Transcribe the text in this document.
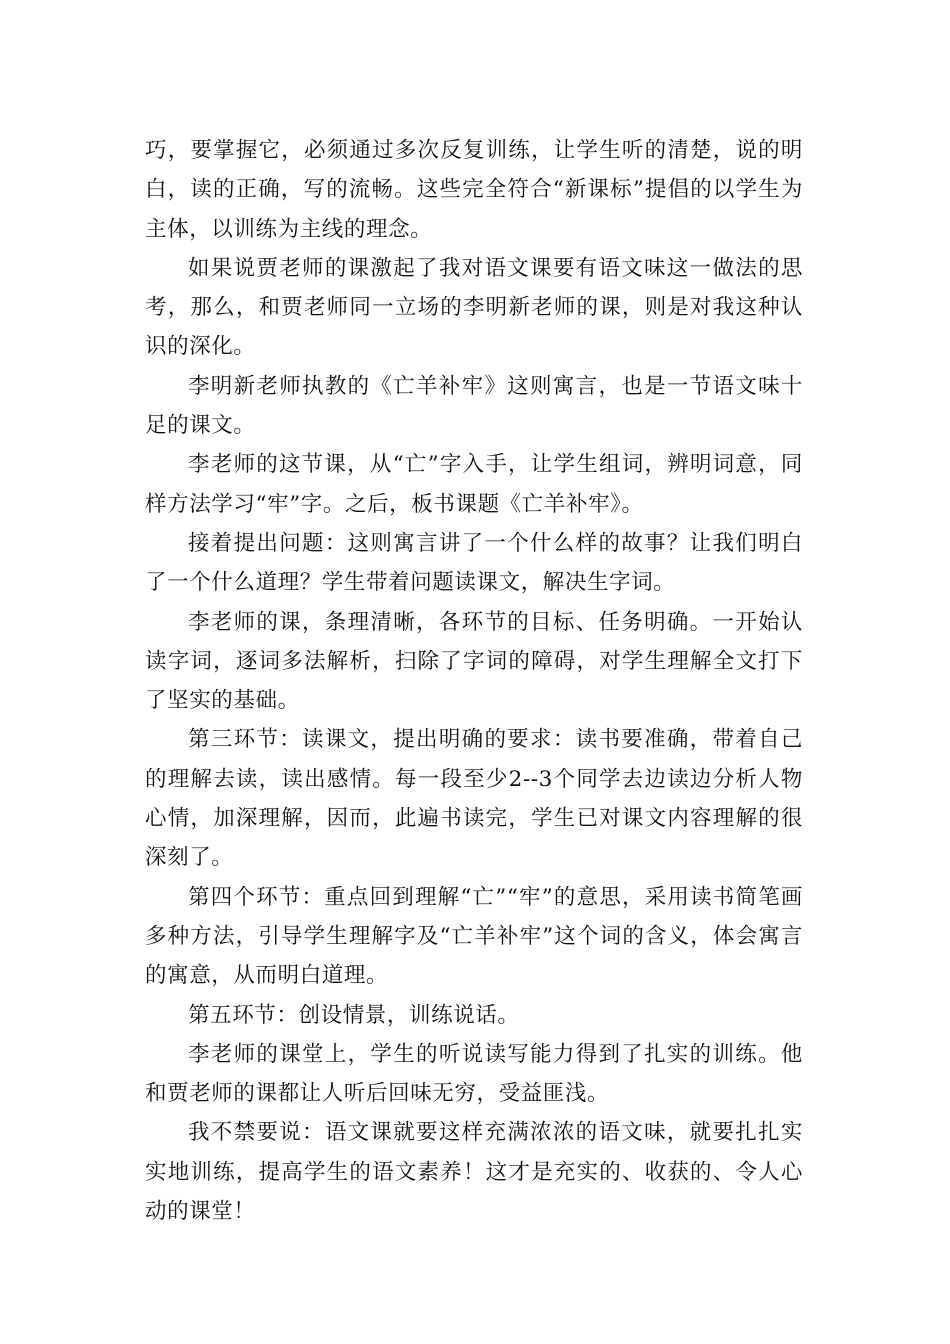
巧，要掌握它，必须通过多次反复训练，让学生听的清楚，说的明白，读的正确，写的流畅。这些完全符合“新课标”提倡的以学生为主体，以训练为主线的理念。

如果说贾老师的课激起了我对语文课要有语文味这一做法的思考，那么，和贾老师同一立场的李明新老师的课，则是对我这种认识的深化。

李明新老师执教的《亡羊补牢》这则寓言，也是一节语文味十足的课文。

李老师的这节课，从“亡”字入手，让学生组词，辨明词意，同样方法学习“牢”字。之后，板书课题《亡羊补牢》。

接着提出问题：这则寓言讲了一个什么样的故事？让我们明白了一个什么道理？学生带着问题读课文，解决生字词。

李老师的课，条理清晰，各环节的目标、任务明确。一开始认读字词，逐词多法解析，扫除了字词的障碍，对学生理解全文打下了坚实的基础。

第三环节：读课文，提出明确的要求：读书要准确，带着自己的理解去读，读出感情。每一段至少2--3个同学去边读边分析人物心情，加深理解，因而，此遍书读完，学生已对课文内容理解的很深刻了。

第四个环节：重点回到理解“亡”“牢”的意思，采用读书简笔画多种方法，引导学生理解字及“亡羊补牢”这个词的含义，体会寓言的寓意，从而明白道理。

第五环节：创设情景，训练说话。

李老师的课堂上，学生的听说读写能力得到了扎实的训练。他和贾老师的课都让人听后回味无穷，受益匪浅。

我不禁要说：语文课就要这样充满浓浓的语文味，就要扎扎实实地训练，提高学生的语文素养！这才是充实的、收获的、令人心动的课堂！
